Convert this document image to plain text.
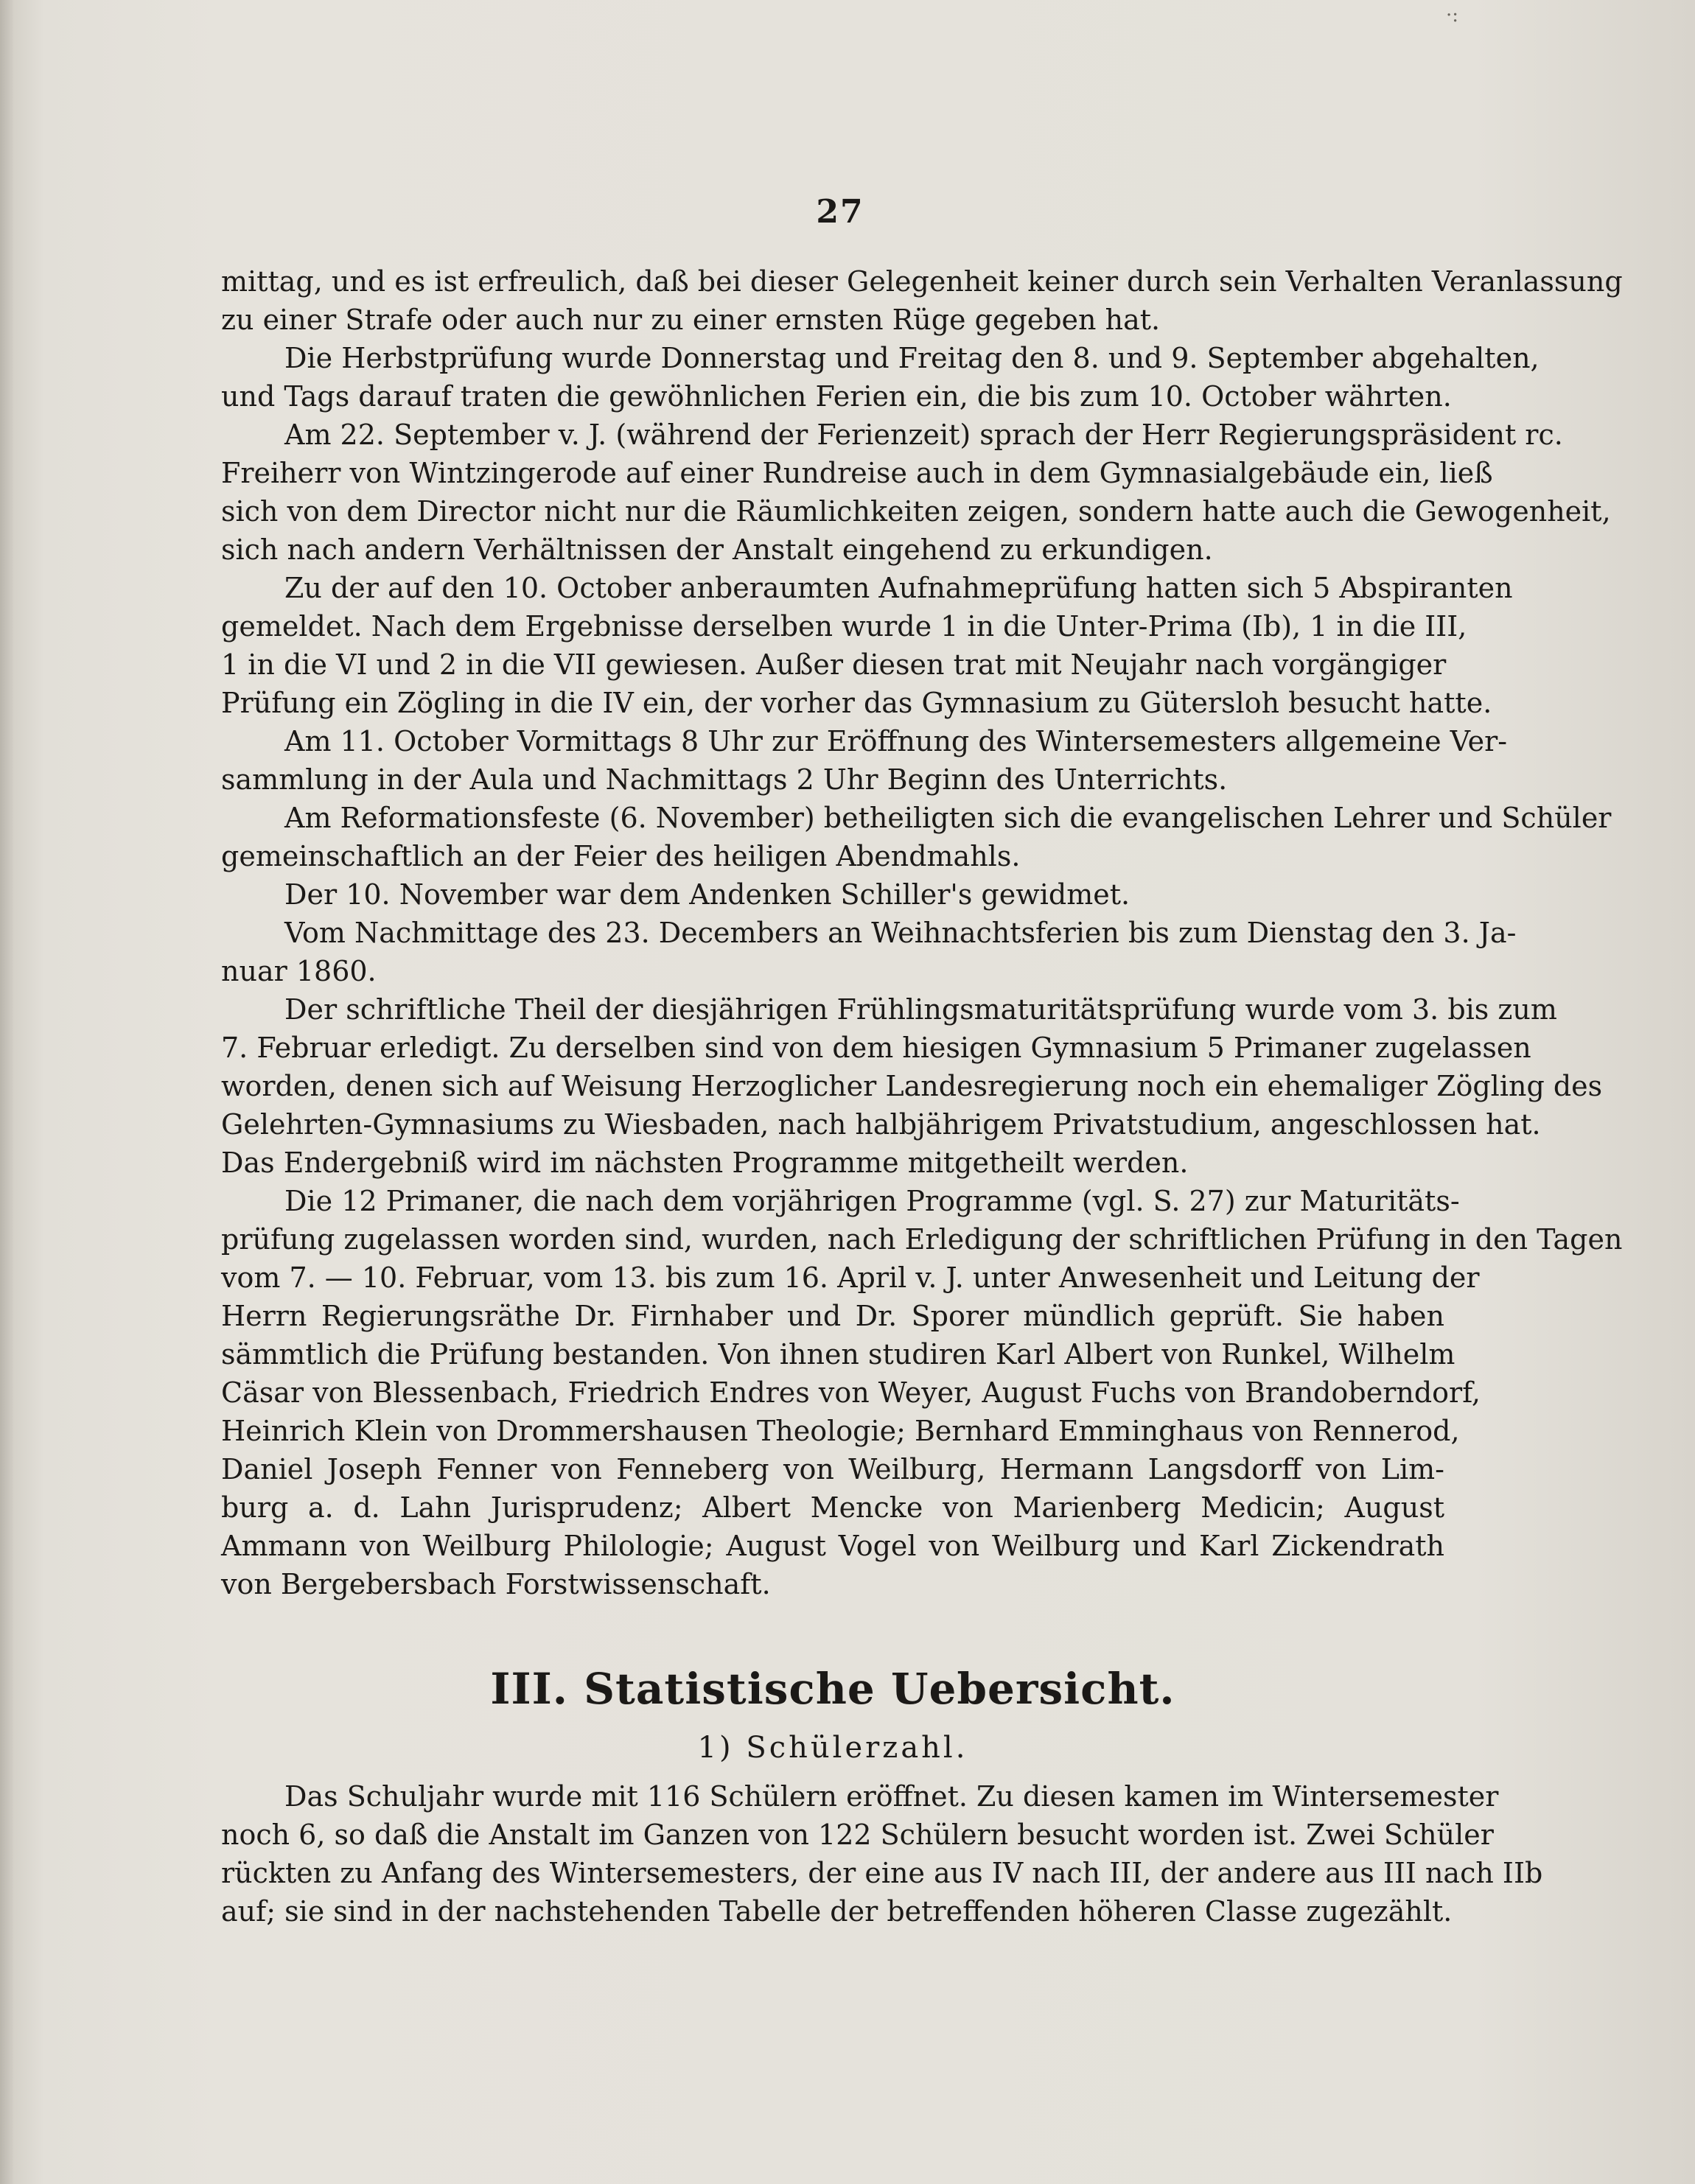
·:
27
mittag, und es ist erfreulich, daß bei dieser Gelegenheit keiner durch sein Verhalten Veranlassung
zu einer Strafe oder auch nur zu einer ernsten Rüge gegeben hat.
Die Herbstprüfung wurde Donnerstag und Freitag den 8. und 9. September abgehalten,
und Tags darauf traten die gewöhnlichen Ferien ein, die bis zum 10. October währten.
Am 22. September v. J. (während der Ferienzeit) sprach der Herr Regierungspräsident rc.
Freiherr von Wintzingerode auf einer Rundreise auch in dem Gymnasialgebäude ein, ließ
sich von dem Director nicht nur die Räumlichkeiten zeigen, sondern hatte auch die Gewogenheit,
sich nach andern Verhältnissen der Anstalt eingehend zu erkundigen.
Zu der auf den 10. October anberaumten Aufnahmeprüfung hatten sich 5 Abspiranten
gemeldet. Nach dem Ergebnisse derselben wurde 1 in die Unter-Prima (Ib), 1 in die III,
1 in die VI und 2 in die VII gewiesen. Außer diesen trat mit Neujahr nach vorgängiger
Prüfung ein Zögling in die IV ein, der vorher das Gymnasium zu Gütersloh besucht hatte.
Am 11. October Vormittags 8 Uhr zur Eröffnung des Wintersemesters allgemeine Ver-
sammlung in der Aula und Nachmittags 2 Uhr Beginn des Unterrichts.
Am Reformationsfeste (6. November) betheiligten sich die evangelischen Lehrer und Schüler
gemeinschaftlich an der Feier des heiligen Abendmahls.
Der 10. November war dem Andenken Schiller's gewidmet.
Vom Nachmittage des 23. Decembers an Weihnachtsferien bis zum Dienstag den 3. Ja-
nuar 1860.
Der schriftliche Theil der diesjährigen Frühlingsmaturitätsprüfung wurde vom 3. bis zum
7. Februar erledigt. Zu derselben sind von dem hiesigen Gymnasium 5 Primaner zugelassen
worden, denen sich auf Weisung Herzoglicher Landesregierung noch ein ehemaliger Zögling des
Gelehrten-Gymnasiums zu Wiesbaden, nach halbjährigem Privatstudium, angeschlossen hat.
Das Endergebniß wird im nächsten Programme mitgetheilt werden.
Die 12 Primaner, die nach dem vorjährigen Programme (vgl. S. 27) zur Maturitäts-
prüfung zugelassen worden sind, wurden, nach Erledigung der schriftlichen Prüfung in den Tagen
vom 7. — 10. Februar, vom 13. bis zum 16. April v. J. unter Anwesenheit und Leitung der
Herrn Regierungsräthe Dr. Firnhaber und Dr. Sporer mündlich geprüft. Sie haben
sämmtlich die Prüfung bestanden. Von ihnen studiren Karl Albert von Runkel, Wilhelm
Cäsar von Blessenbach, Friedrich Endres von Weyer, August Fuchs von Brandoberndorf,
Heinrich Klein von Drommershausen Theologie; Bernhard Emminghaus von Rennerod,
Daniel Joseph Fenner von Fenneberg von Weilburg, Hermann Langsdorff von Lim-
burg a. d. Lahn Jurisprudenz; Albert Mencke von Marienberg Medicin; August
Ammann von Weilburg Philologie; August Vogel von Weilburg und Karl Zickendrath
von Bergebersbach Forstwissenschaft.
III. Statistische Uebersicht.
1) Schülerzahl.
Das Schuljahr wurde mit 116 Schülern eröffnet. Zu diesen kamen im Wintersemester
noch 6, so daß die Anstalt im Ganzen von 122 Schülern besucht worden ist. Zwei Schüler
rückten zu Anfang des Wintersemesters, der eine aus IV nach III, der andere aus III nach IIb
auf; sie sind in der nachstehenden Tabelle der betreffenden höheren Classe zugezählt.
